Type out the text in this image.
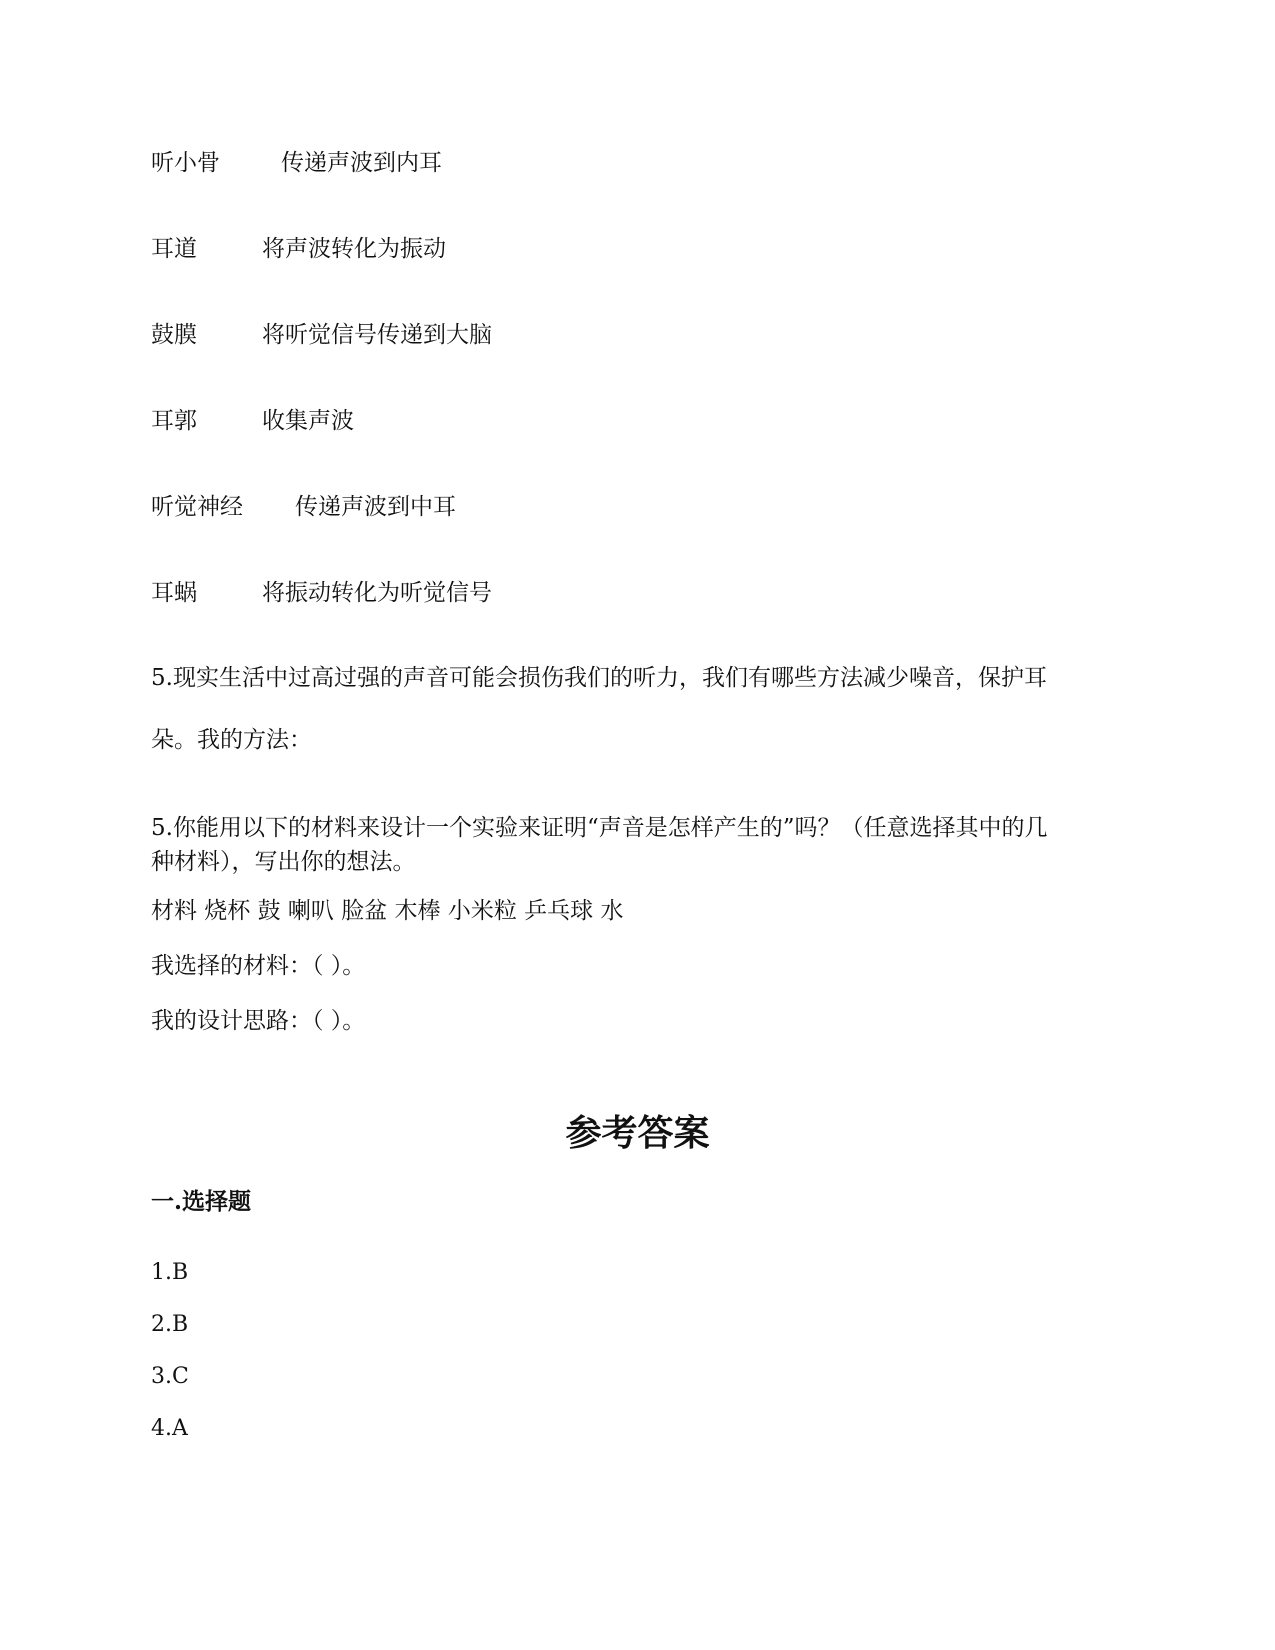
听小骨	传递声波到内耳
耳道	将声波转化为振动
鼓膜	将听觉信号传递到大脑
耳郭	收集声波
听觉神经 传递声波到中耳
耳蜗	将振动转化为听觉信号
5.现实生活中过高过强的声音可能会损伤我们的听力，我们有哪些方法减少噪音，保护耳
朵。我的方法：
5.你能用以下的材料来设计一个实验来证明“声音是怎样产生的”吗？（任意选择其中的几
种材料），写出你的想法。
材料 烧杯 鼓 喇叭 脸盆 木棒 小米粒 乒乓球 水
我选择的材料：（ ）。
我的设计思路：（ ）。
参考答案
一.选择题
1.B
2.B
3.C
4.A
